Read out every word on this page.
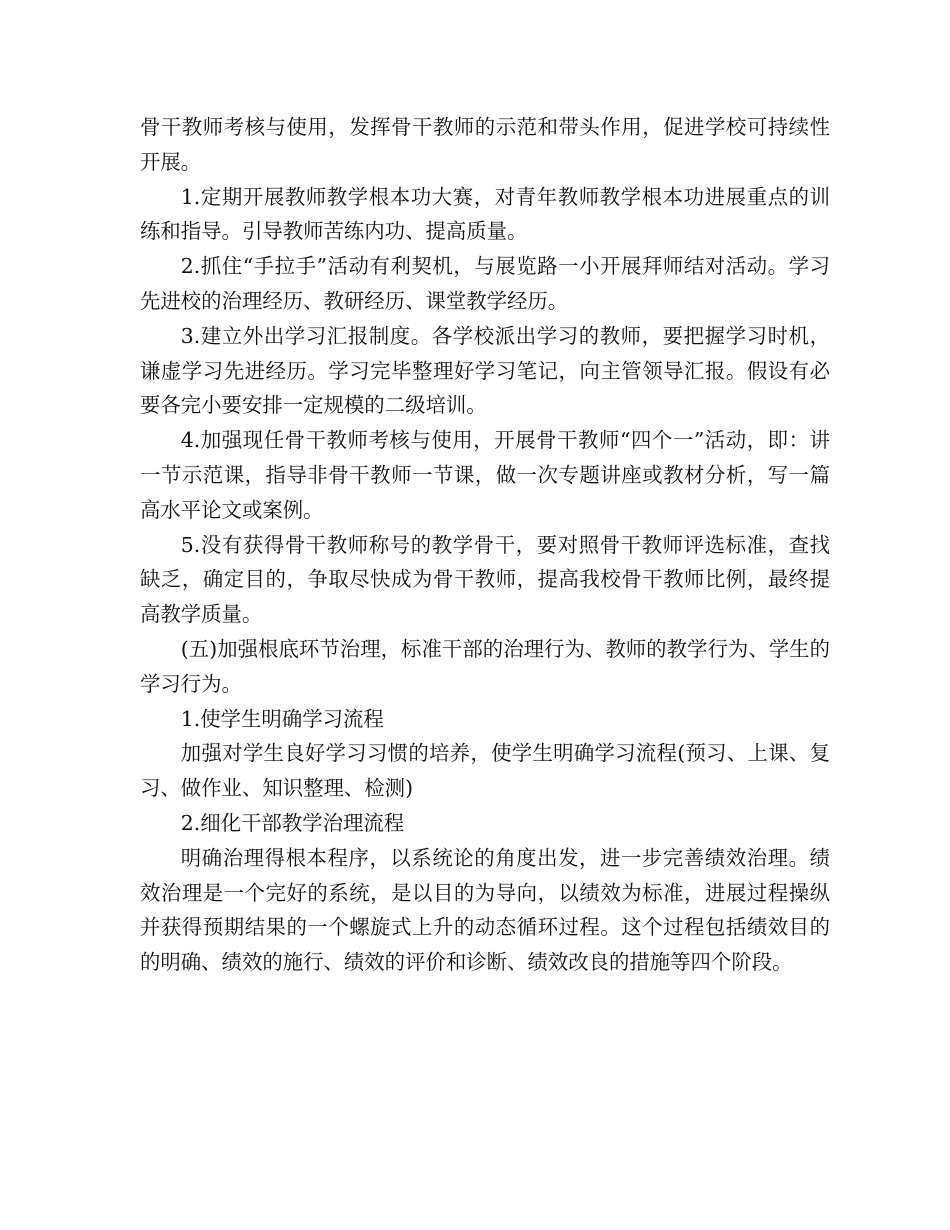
骨干教师考核与使用，发挥骨干教师的示范和带头作用，促进学校可持续性开展。

1.定期开展教师教学根本功大赛，对青年教师教学根本功进展重点的训练和指导。引导教师苦练内功、提高质量。

2.抓住“手拉手”活动有利契机，与展览路一小开展拜师结对活动。学习先进校的治理经历、教研经历、课堂教学经历。

3.建立外出学习汇报制度。各学校派出学习的教师，要把握学习时机，谦虚学习先进经历。学习完毕整理好学习笔记，向主管领导汇报。假设有必要各完小要安排一定规模的二级培训。

4.加强现任骨干教师考核与使用，开展骨干教师“四个一”活动，即：讲一节示范课，指导非骨干教师一节课，做一次专题讲座或教材分析，写一篇高水平论文或案例。

5.没有获得骨干教师称号的教学骨干，要对照骨干教师评选标准，查找缺乏，确定目的，争取尽快成为骨干教师，提高我校骨干教师比例，最终提高教学质量。

(五)加强根底环节治理，标准干部的治理行为、教师的教学行为、学生的学习行为。

1.使学生明确学习流程

加强对学生良好学习习惯的培养，使学生明确学习流程(预习、上课、复习、做作业、知识整理、检测)

2.细化干部教学治理流程

明确治理得根本程序，以系统论的角度出发，进一步完善绩效治理。绩效治理是一个完好的系统，是以目的为导向，以绩效为标准，进展过程操纵并获得预期结果的一个螺旋式上升的动态循环过程。这个过程包括绩效目的的明确、绩效的施行、绩效的评价和诊断、绩效改良的措施等四个阶段。
